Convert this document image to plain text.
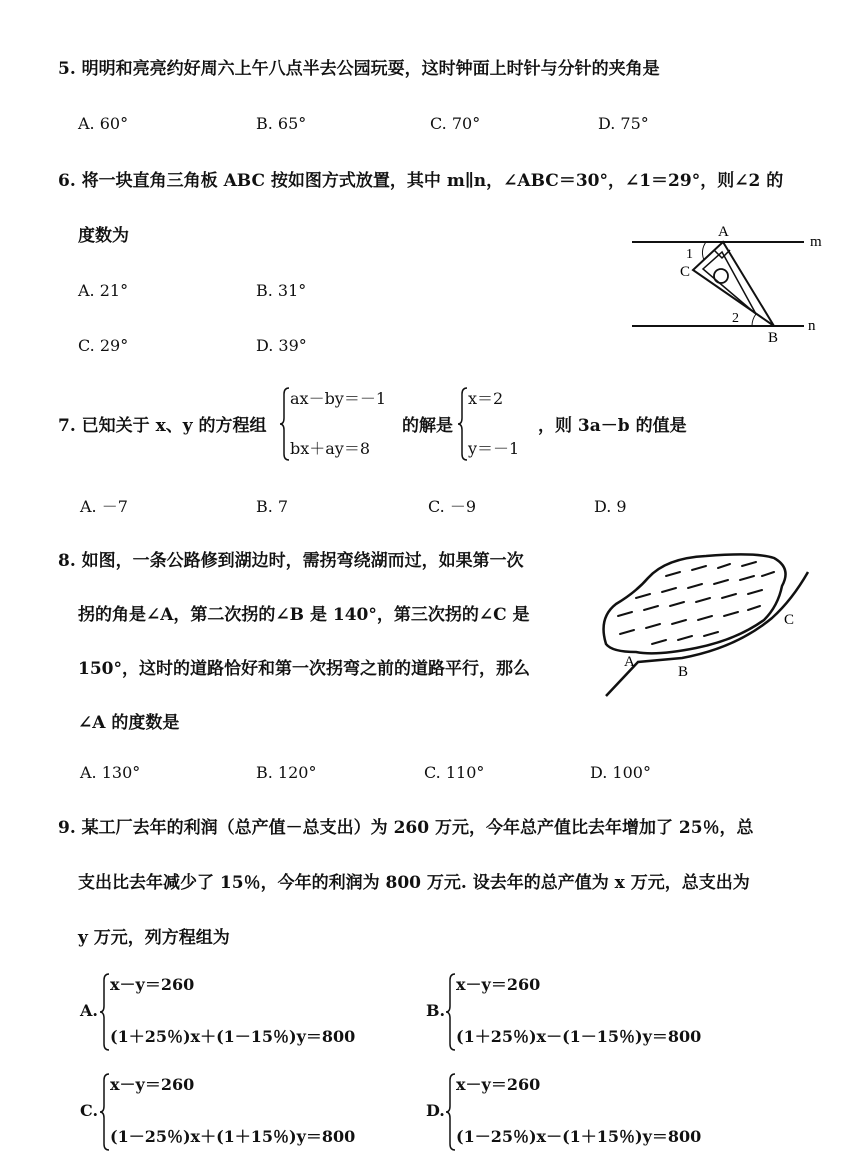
5. 明明和亮亮约好周六上午八点半去公园玩耍，这时钟面上时针与分针的夹角是
A. 60°	B. 65°	C. 70°	D. 75°
6. 将一块直角三角板 ABC 按如图方式放置，其中 m∥n，∠ABC＝30°，∠1＝29°，则∠2 的
度数为
A. 21°	B. 31°
C. 29°	D. 39°
A
B
C
m
n
1
2
7. 已知关于 x、y 的方程组
ax－by＝－1
bx＋ay＝8
的解是
x＝2
y＝－1
，则 3a－b 的值是
A. －7	B. 7	C. －9	D. 9
8. 如图，一条公路修到湖边时，需拐弯绕湖而过，如果第一次
拐的角是∠A，第二次拐的∠B 是 140°，第三次拐的∠C 是
150°，这时的道路恰好和第一次拐弯之前的道路平行，那么
∠A 的度数是
A. 130°	B. 120°	C. 110°	D. 100°
A
B
C
9. 某工厂去年的利润（总产值－总支出）为 260 万元，今年总产值比去年增加了 25％，总
支出比去年减少了 15％，今年的利润为 800 万元. 设去年的总产值为 x 万元，总支出为
y 万元，列方程组为
A.
x－y＝260
(1＋25％)x＋(1－15％)y＝800
B.
x－y＝260
(1＋25％)x－(1－15％)y＝800
C.
x－y＝260
(1－25％)x＋(1＋15％)y＝800
D.
x－y＝260
(1－25％)x－(1＋15％)y＝800
